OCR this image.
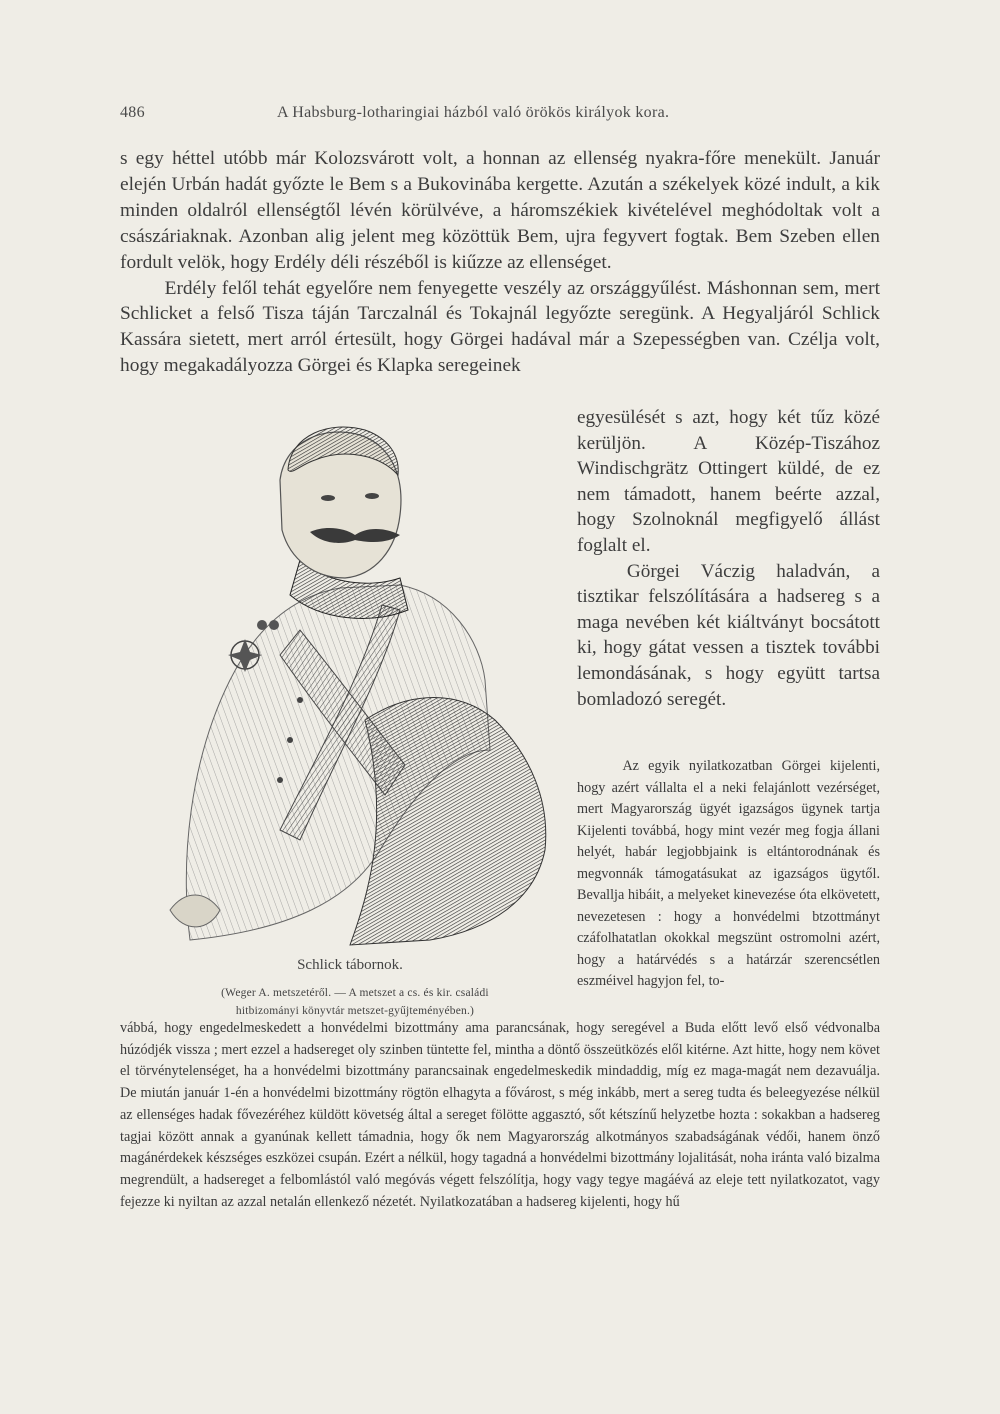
486	A Habsburg-lotharingiai házból való örökös királyok kora.

s egy héttel utóbb már Kolozsvárott volt, a honnan az ellenség nyakra-főre menekült. Január elején Urbán hadát győzte le Bem s a Bukovinába kergette. Azután a székelyek közé indult, a kik minden oldalról ellenségtől lévén körülvéve, a háromszékiek kivételével meghódoltak volt a császáriaknak. Azonban alig jelent meg közöttük Bem, ujra fegyvert fogtak. Bem Szeben ellen fordult velök, hogy Erdély déli részéből is kiűzze az ellenséget.

Erdély felől tehát egyelőre nem fenyegette veszély az országgyűlést. Máshonnan sem, mert Schlicket a felső Tisza táján Tarczalnál és Tokajnál legyőzte seregünk. A Hegyaljáról Schlick Kassára sietett, mert arról értesült, hogy Görgei hadával már a Szepességben van. Czélja volt, hogy megakadályozza Görgei és Klapka seregeinek

egyesülését s azt, hogy két tűz közé kerüljön. A Közép-Tiszához Windischgrätz Ottingert küldé, de ez nem támadott, hanem beérte azzal, hogy Szolnoknál megfigyelő állást foglalt el.

Görgei Váczig haladván, a tisztikar felszólítására a hadsereg s a maga nevében két kiáltványt bocsátott ki, hogy gátat vessen a tisztek további lemondásának, s hogy együtt tartsa bomladozó seregét.

Az egyik nyilatkozatban Görgei kijelenti, hogy azért vállalta el a neki felajánlott vezérséget, mert Magyarország ügyét igazságos ügynek tartja Kijelenti továbbá, hogy mint vezér meg fogja állani helyét, habár legjobbjaink is eltántorodnának és megvonnák támogatásukat az igazságos ügytől. Bevallja hibáit, a melyeket kinevezése óta elkövetett, nevezetesen : hogy a honvédelmi btzottmányt czáfolhatatlan okokkal megszünt ostromolni azért, hogy a határvédés s a határzár szerencsétlen eszméivel hagyjon fel, to-

vábbá, hogy engedelmeskedett a honvédelmi bizottmány ama parancsának, hogy seregével a Buda előtt levő első védvonalba húzódjék vissza ; mert ezzel a hadsereget oly szinben tüntette fel, mintha a döntő összeütközés elől kitérne. Azt hitte, hogy nem követ el törvénytelenséget, ha a honvédelmi bizottmány parancsainak engedelmeskedik mindaddig, míg ez maga-magát nem dezavuálja. De miután január 1-én a honvédelmi bizottmány rögtön elhagyta a fővárost, s még inkább, mert a sereg tudta és beleegyezése nélkül az ellenséges hadak fővezéréhez küldött követség által a sereget fölötte aggasztó, sőt kétszínű helyzetbe hozta : sokakban a hadsereg tagjai között annak a gyanúnak kellett támadnia, hogy ők nem Magyarország alkotmányos szabadságának védői, hanem önző magánérdekek készséges eszközei csupán. Ezért a nélkül, hogy tagadná a honvédelmi bizottmány lojalitását, noha iránta való bizalma megrendült, a hadsereget a felbomlástól való megóvás végett felszólítja, hogy vagy tegye magáévá az eleje tett nyilatkozatot, vagy fejezze ki nyiltan az azzal netalán ellenkező nézetét. Nyilatkozatában a hadsereg kijelenti, hogy hű

Schlick tábornok.
(Weger A. metszetéről. — A metszet a cs. és kir. családi
hitbizományi könyvtár metszet-gyűjteményében.)
